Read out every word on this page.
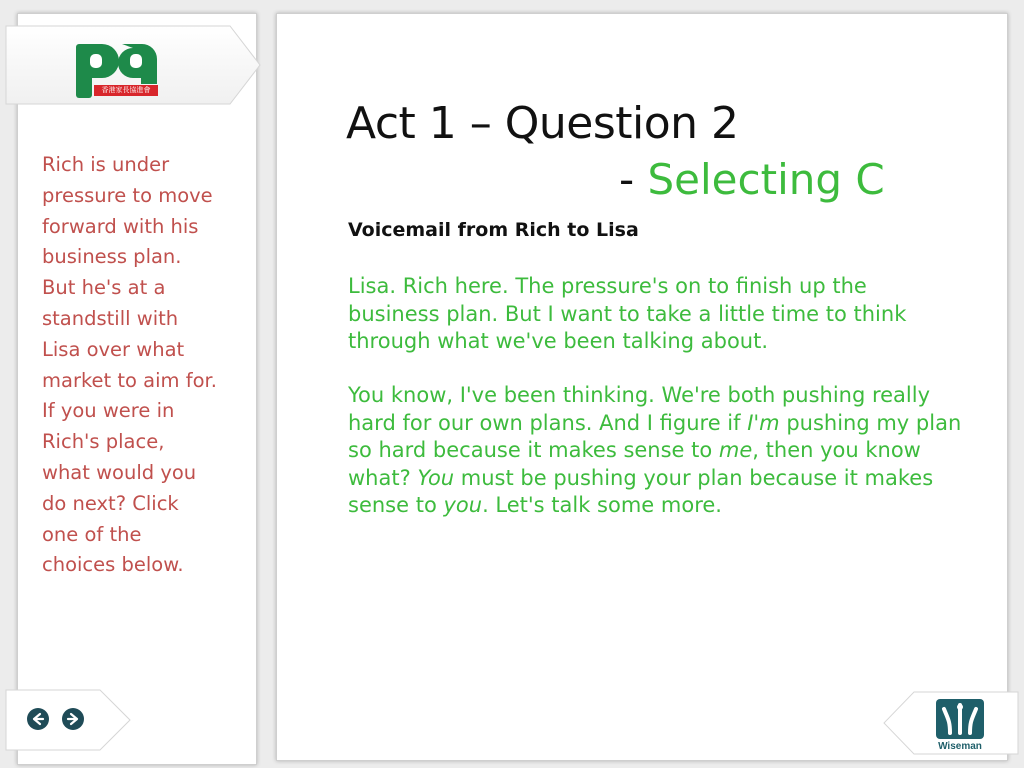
香港家長協進會
Rich is under pressure to move forward with his business plan. But he's at a standstill with Lisa over what market to aim for. If you were in Rich's place, what would you do next? Click one of the choices below.
Act 1 – Question 2
- Selecting C
Voicemail from Rich to Lisa
Lisa. Rich here. The pressure's on to finish up the business plan. But I want to take a little time to think through what we've been talking about.
You know, I've been thinking. We're both pushing really hard for our own plans. And I figure if I'm pushing my plan so hard because it makes sense to me, then you know what? You must be pushing your plan because it makes sense to you. Let's talk some more.
Wiseman
